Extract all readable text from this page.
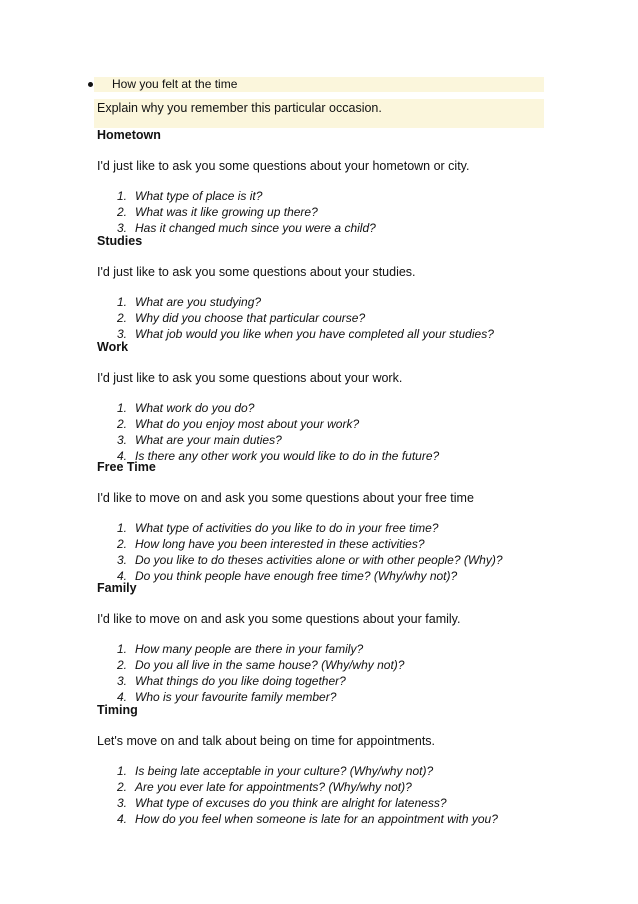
How you felt at the time
Explain why you remember this particular occasion.
Hometown
I'd just like to ask you some questions about your hometown or city.
1. What type of place is it?
2. What was it like growing up there?
3. Has it changed much since you were a child?
Studies
I'd just like to ask you some questions about your studies.
1. What are you studying?
2. Why did you choose that particular course?
3. What job would you like when you have completed all your studies?
Work
I'd just like to ask you some questions about your work.
1. What work do you do?
2. What do you enjoy most about your work?
3. What are your main duties?
4. Is there any other work you would like to do in the future?
Free Time
I'd like to move on and ask you some questions about your free time
1. What type of activities do you like to do in your free time?
2. How long have you been interested in these activities?
3. Do you like to do theses activities alone or with other people? (Why)?
4. Do you think people have enough free time? (Why/why not)?
Family
I'd like to move on and ask you some questions about your family.
1. How many people are there in your family?
2. Do you all live in the same house? (Why/why not)?
3. What things do you like doing together?
4. Who is your favourite family member?
Timing
Let's move on and talk about being on time for appointments.
1. Is being late acceptable in your culture? (Why/why not)?
2. Are you ever late for appointments? (Why/why not)?
3. What type of excuses do you think are alright for lateness?
4. How do you feel when someone is late for an appointment with you?
